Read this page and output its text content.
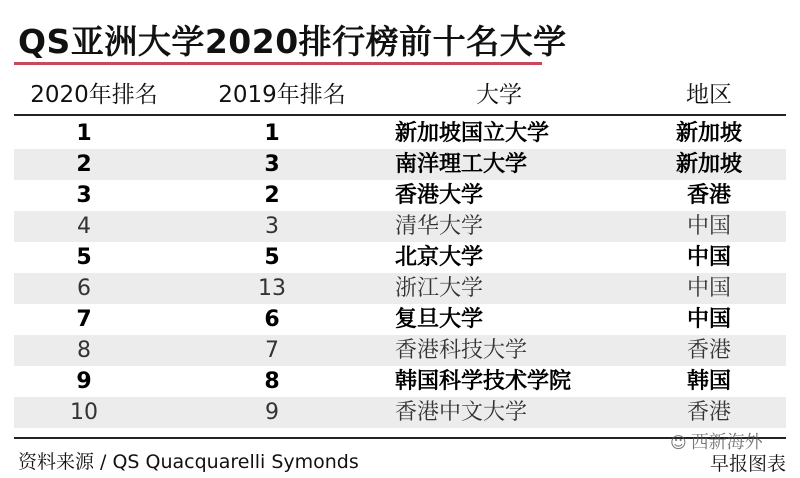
QS亚洲大学2020排行榜前十名大学
2020年排名	2019年排名	大学	地区
1	1	新加坡国立大学	新加坡
2	3	南洋理工大学	新加坡
3	2	香港大学	香港
4	3	清华大学	中国
5	5	北京大学	中国
6	13	浙江大学	中国
7	6	复旦大学	中国
8	7	香港科技大学	香港
9	8	韩国科学技术学院	韩国
10	9	香港中文大学	香港
资料来源 / QS Quacquarelli Symonds
☺ 西新海外
早报图表
